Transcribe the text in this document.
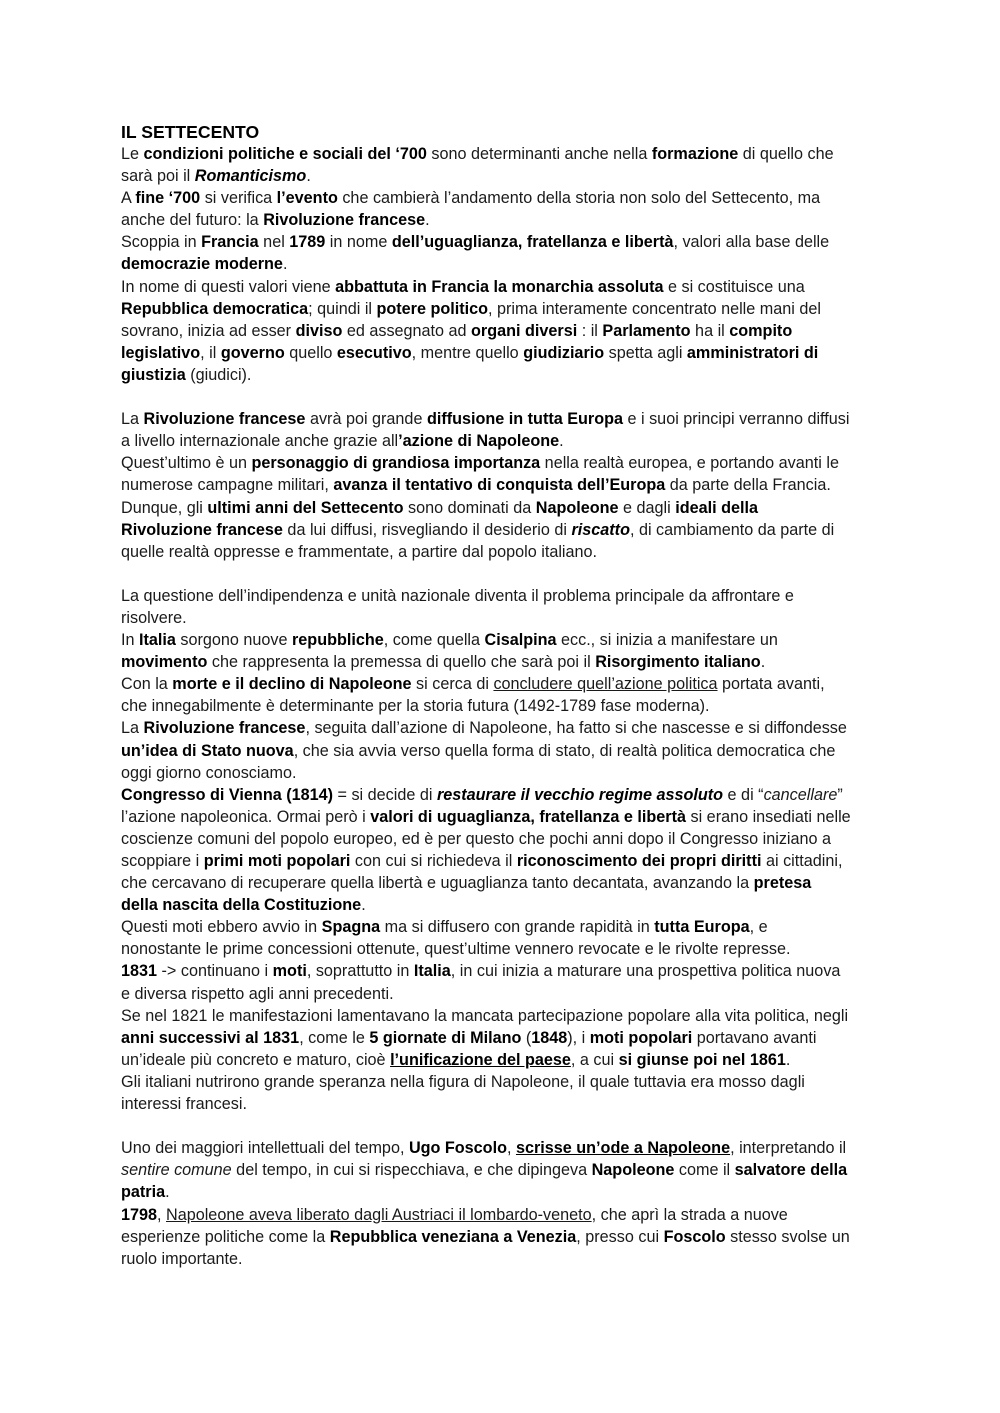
IL SETTECENTO

Le condizioni politiche e sociali del ‘700 sono determinanti anche nella formazione di quello che

sarà poi il Romanticismo.

A fine ‘700 si verifica l’evento che cambierà l’andamento della storia non solo del Settecento, ma

anche del futuro: la Rivoluzione francese.

Scoppia in Francia nel 1789 in nome dell’uguaglianza, fratellanza e libertà, valori alla base delle

democrazie moderne.

In nome di questi valori viene abbattuta in Francia la monarchia assoluta e si costituisce una

Repubblica democratica; quindi il potere politico, prima interamente concentrato nelle mani del

sovrano, inizia ad esser diviso ed assegnato ad organi diversi : il Parlamento ha il compito

legislativo, il governo quello esecutivo, mentre quello giudiziario spetta agli amministratori di

giustizia (giudici).

La Rivoluzione francese avrà poi grande diffusione in tutta Europa e i suoi principi verranno diffusi

a livello internazionale anche grazie all’azione di Napoleone.

Quest’ultimo è un personaggio di grandiosa importanza nella realtà europea, e portando avanti le

numerose campagne militari, avanza il tentativo di conquista dell’Europa da parte della Francia.

Dunque, gli ultimi anni del Settecento sono dominati da Napoleone e dagli ideali della

Rivoluzione francese da lui diffusi, risvegliando il desiderio di riscatto, di cambiamento da parte di

quelle realtà oppresse e frammentate, a partire dal popolo italiano.

La questione dell’indipendenza e unità nazionale diventa il problema principale da affrontare e

risolvere.

In Italia sorgono nuove repubbliche, come quella Cisalpina ecc., si inizia a manifestare un

movimento che rappresenta la premessa di quello che sarà poi il Risorgimento italiano.

Con la morte e il declino di Napoleone si cerca di concludere quell’azione politica portata avanti,

che innegabilmente è determinante per la storia futura (1492-1789 fase moderna).

La Rivoluzione francese, seguita dall’azione di Napoleone, ha fatto si che nascesse e si diffondesse

un’idea di Stato nuova, che sia avvia verso quella forma di stato, di realtà politica democratica che

oggi giorno conosciamo.

Congresso di Vienna (1814) = si decide di restaurare il vecchio regime assoluto e di “cancellare”

l’azione napoleonica. Ormai però i valori di uguaglianza, fratellanza e libertà si erano insediati nelle

coscienze comuni del popolo europeo, ed è per questo che pochi anni dopo il Congresso iniziano a

scoppiare i primi moti popolari con cui si richiedeva il riconoscimento dei propri diritti ai cittadini,

che cercavano di recuperare quella libertà e uguaglianza tanto decantata, avanzando la pretesa

della nascita della Costituzione.

Questi moti ebbero avvio in Spagna ma si diffusero con grande rapidità in tutta Europa, e

nonostante le prime concessioni ottenute, quest’ultime vennero revocate e le rivolte represse.

1831 -> continuano i moti, soprattutto in Italia, in cui inizia a maturare una prospettiva politica nuova

e diversa rispetto agli anni precedenti.

Se nel 1821 le manifestazioni lamentavano la mancata partecipazione popolare alla vita politica, negli

anni successivi al 1831, come le 5 giornate di Milano (1848), i moti popolari portavano avanti

un’ideale più concreto e maturo, cioè l’unificazione del paese, a cui si giunse poi nel 1861.

Gli italiani nutrirono grande speranza nella figura di Napoleone, il quale tuttavia era mosso dagli

interessi francesi.

Uno dei maggiori intellettuali del tempo, Ugo Foscolo, scrisse un’ode a Napoleone, interpretando il

sentire comune del tempo, in cui si rispecchiava, e che dipingeva Napoleone come il salvatore della

patria.

1798, Napoleone aveva liberato dagli Austriaci il lombardo-veneto, che aprì la strada a nuove

esperienze politiche come la Repubblica veneziana a Venezia, presso cui Foscolo stesso svolse un

ruolo importante.
